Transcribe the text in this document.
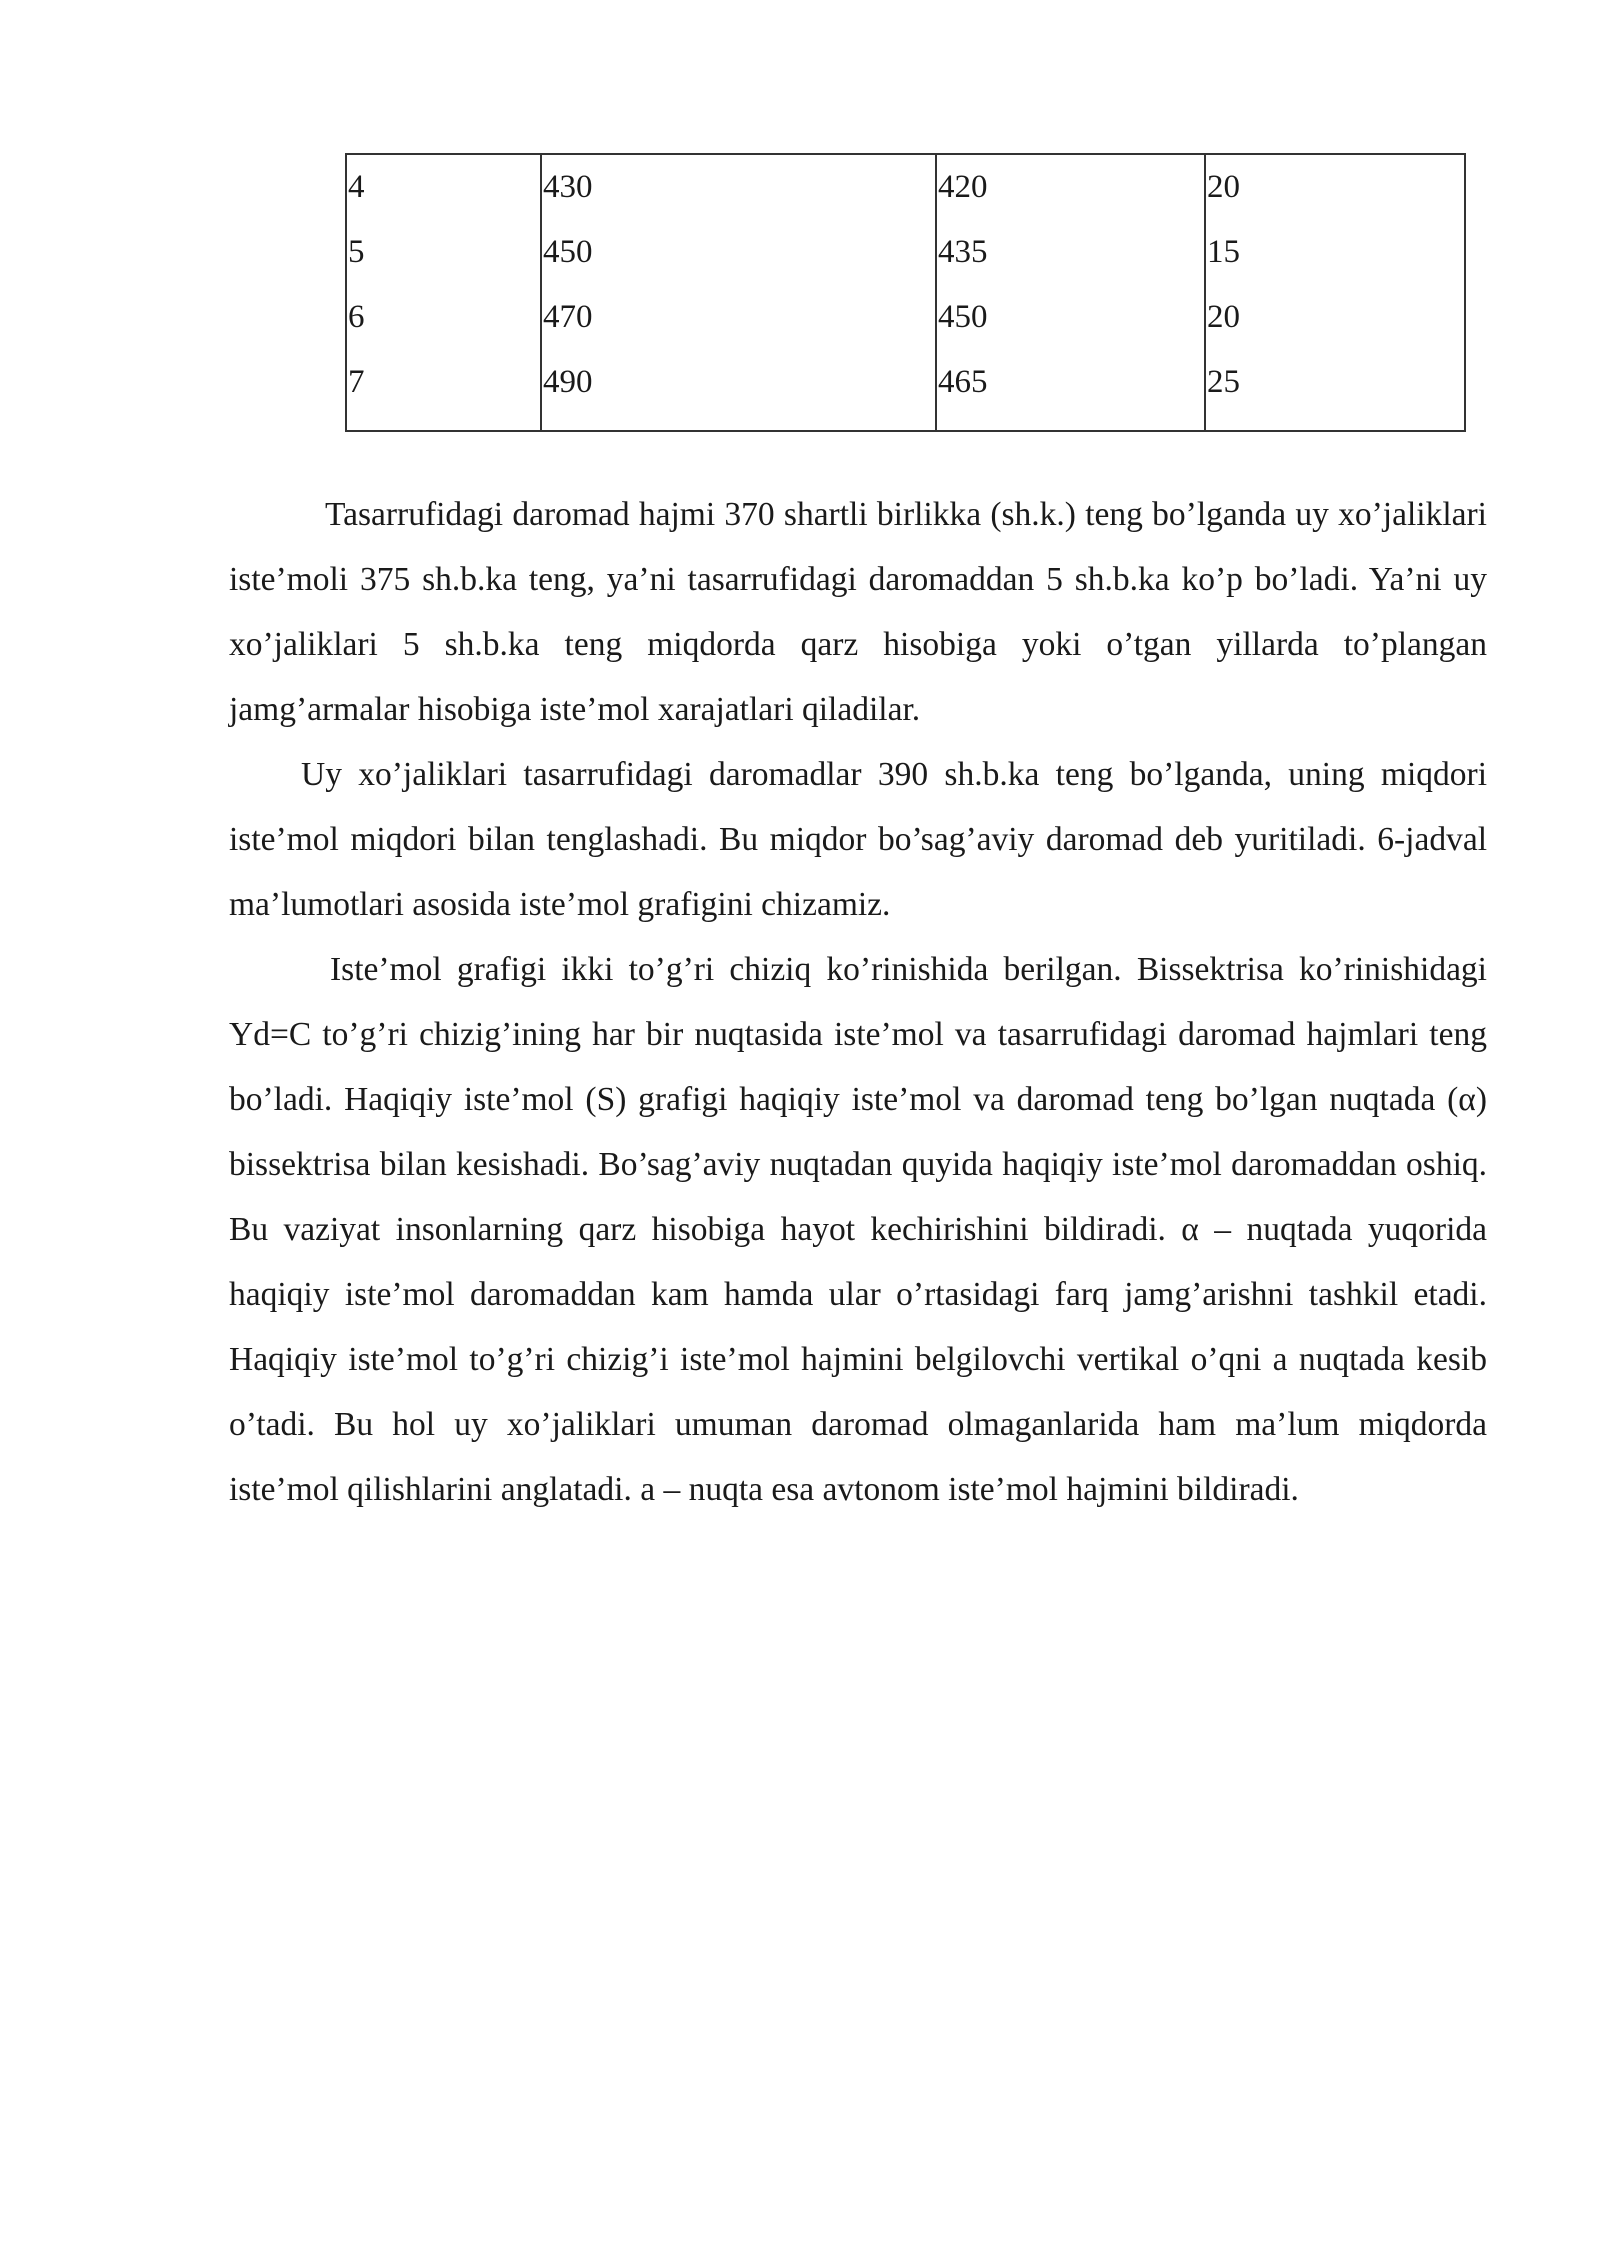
4	430	420	20
5	450	435	15
6	470	450	20
7	490	465	25

Tasarrufidagi daromad hajmi 370 shartli birlikka (sh.k.) teng bo’lganda uy xo’jaliklari iste’moli 375 sh.b.ka teng, ya’ni tasarrufidagi daromaddan 5 sh.b.ka ko’p bo’ladi. Ya’ni uy xo’jaliklari 5 sh.b.ka teng miqdorda qarz hisobiga yoki o’tgan yillarda to’plangan jamg’armalar hisobiga iste’mol xarajatlari qiladilar.

Uy xo’jaliklari tasarrufidagi daromadlar 390 sh.b.ka teng bo’lganda, uning miqdori iste’mol miqdori bilan tenglashadi. Bu miqdor bo’sag’aviy daromad deb yuritiladi. 6-jadval ma’lumotlari asosida iste’mol grafigini chizamiz.

Iste’mol grafigi ikki to’g’ri chiziq ko’rinishida berilgan. Bissektrisa ko’rinishidagi Yd=C to’g’ri chizig’ining har bir nuqtasida iste’mol va tasarrufidagi daromad hajmlari teng bo’ladi. Haqiqiy iste’mol (S) grafigi haqiqiy iste’mol va daromad teng bo’lgan nuqtada (α) bissektrisa bilan kesishadi. Bo’sag’aviy nuqtadan quyida haqiqiy iste’mol daromaddan oshiq. Bu vaziyat insonlarning qarz hisobiga hayot kechirishini bildiradi. α – nuqtada yuqorida haqiqiy iste’mol daromaddan kam hamda ular o’rtasidagi farq jamg’arishni tashkil etadi. Haqiqiy iste’mol to’g’ri chizig’i iste’mol hajmini belgilovchi vertikal o’qni a nuqtada kesib o’tadi. Bu hol uy xo’jaliklari umuman daromad olmaganlarida ham ma’lum miqdorda iste’mol qilishlarini anglatadi. a – nuqta esa avtonom iste’mol hajmini bildiradi.
